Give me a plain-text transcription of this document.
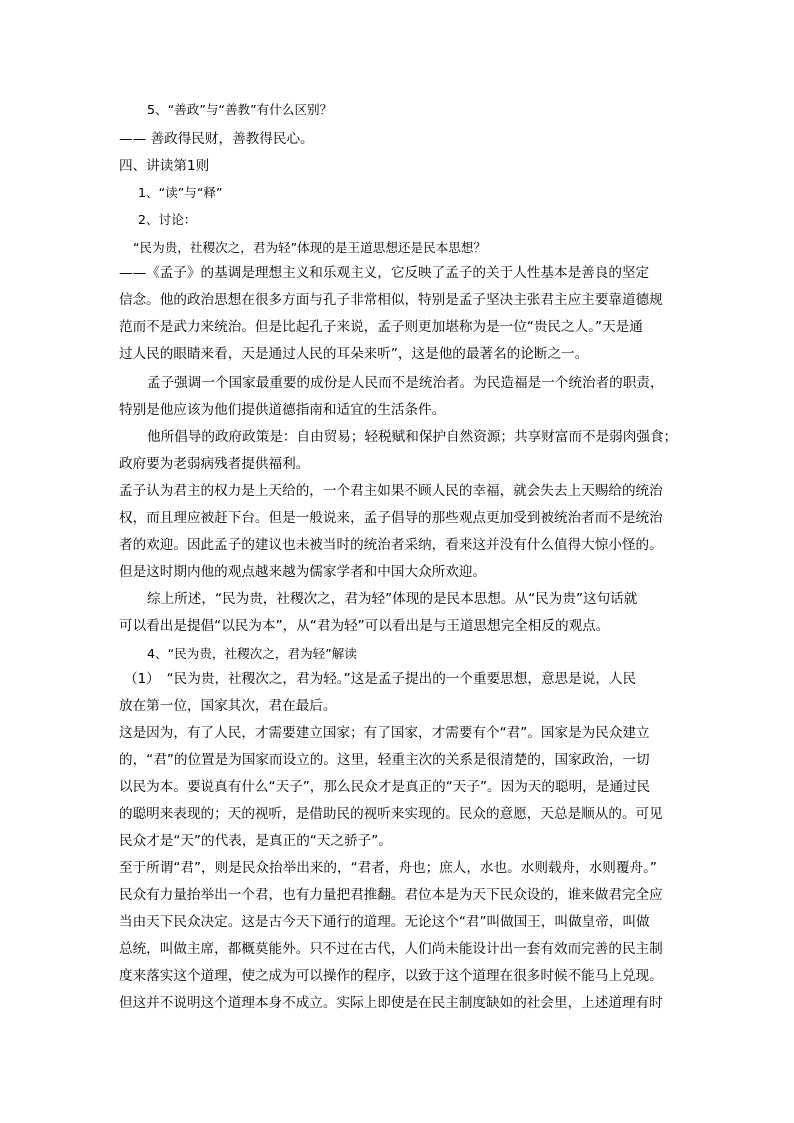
5、“善政”与“善教”有什么区别？
—— 善政得民财，善教得民心。
四、讲读第1则
1、“读”与“释”
2、讨论：
“民为贵，社稷次之，君为轻”体现的是王道思想还是民本思想？
——《孟子》的基调是理想主义和乐观主义，它反映了孟子的关于人性基本是善良的坚定
信念。他的政治思想在很多方面与孔子非常相似，特别是孟子坚决主张君主应主要靠道德规
范而不是武力来统治。但是比起孔子来说，孟子则更加堪称为是一位“贵民之人。”天是通
过人民的眼睛来看，天是通过人民的耳朵来听”，这是他的最著名的论断之一。
孟子强调一个国家最重要的成份是人民而不是统治者。为民造福是一个统治者的职责，
特别是他应该为他们提供道德指南和适宜的生活条件。
他所倡导的政府政策是：自由贸易；轻税赋和保护自然资源；共享财富而不是弱肉强食；
政府要为老弱病残者提供福利。
孟子认为君主的权力是上天给的，一个君主如果不顾人民的幸福，就会失去上天赐给的统治
权，而且理应被赶下台。但是一般说来，孟子倡导的那些观点更加受到被统治者而不是统治
者的欢迎。因此孟子的建议也未被当时的统治者采纳，看来这并没有什么值得大惊小怪的。
但是这时期内他的观点越来越为儒家学者和中国大众所欢迎。
综上所述，“民为贵，社稷次之，君为轻”体现的是民本思想。从“民为贵”这句话就
可以看出是提倡“以民为本”，从“君为轻”可以看出是与王道思想完全相反的观点。
4、“民为贵，社稷次之，君为轻”解读
（1）　“民为贵，社稷次之，君为轻。”这是孟子提出的一个重要思想，意思是说，人民
放在第一位，国家其次，君在最后。
这是因为，有了人民，才需要建立国家；有了国家，才需要有个“君”。国家是为民众建立
的，“君”的位置是为国家而设立的。这里，轻重主次的关系是很清楚的，国家政治，一切
以民为本。要说真有什么“天子”，那么民众才是真正的“天子”。因为天的聪明，是通过民
的聪明来表现的；天的视听，是借助民的视听来实现的。民众的意愿，天总是顺从的。可见
民众才是“天”的代表，是真正的“天之骄子”。
至于所谓“君”，则是民众抬举出来的，“君者，舟也；庶人，水也。水则载舟，水则覆舟。”
民众有力量抬举出一个君，也有力量把君推翻。君位本是为天下民众设的，谁来做君完全应
当由天下民众决定。这是古今天下通行的道理。无论这个“君”叫做国王，叫做皇帝，叫做
总统，叫做主席，都概莫能外。只不过在古代，人们尚未能设计出一套有效而完善的民主制
度来落实这个道理，使之成为可以操作的程序，以致于这个道理在很多时候不能马上兑现。
但这并不说明这个道理本身不成立。实际上即使是在民主制度缺如的社会里，上述道理有时
